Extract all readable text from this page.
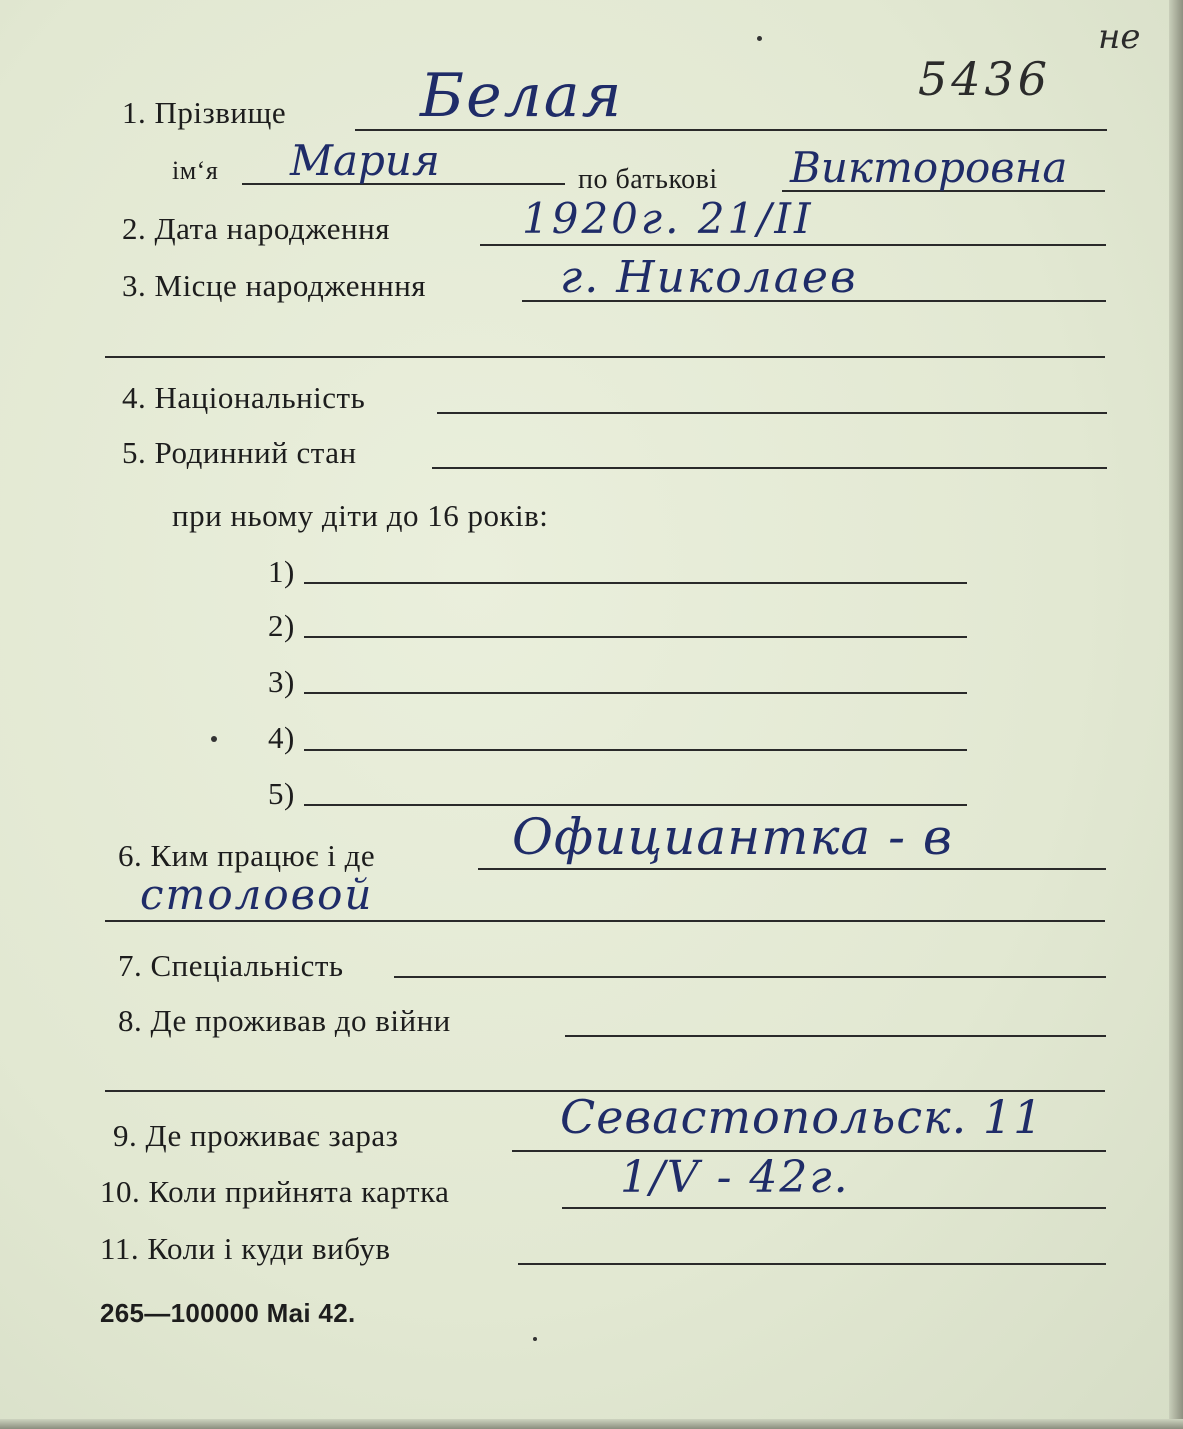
5436
не
1. Прізвище Белая
імʻя Мария	по батькові Викторовна
2. Дата народження	1920г. 21/II
3. Місце народженння	г. Николаев
4. Національність
5. Родинний стан
при ньому діти до 16 років:
1)
2)
3)
4)
5)
6. Ким працює і де	Официантка - в
столовой
7. Спеціальність
8. Де проживав до війни
9. Де проживає зараз	Севастопольск. 11
10. Коли прийнята картка	1/V - 42г.
11. Коли і куди вибув
265—100000 Mai 42.
